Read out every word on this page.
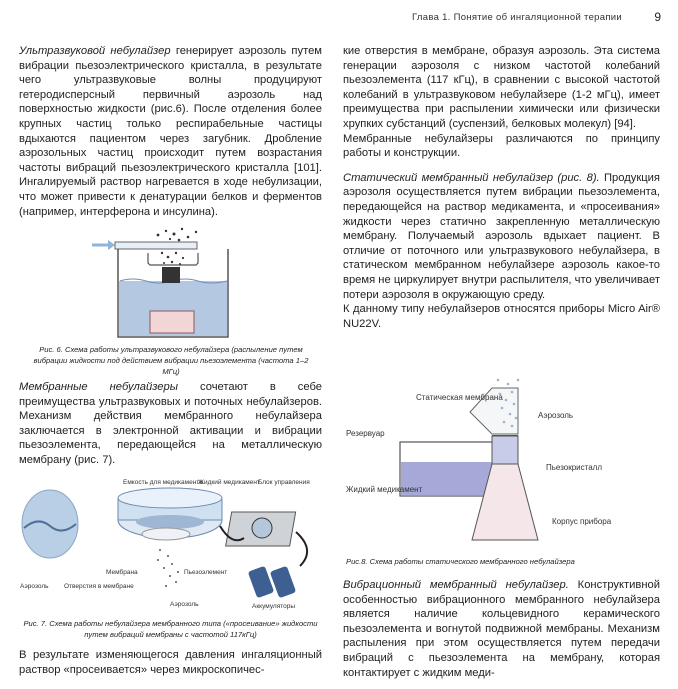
Глава 1. Понятие об ингаляционной терапии	9

Ультразвуковой небулайзер генерирует аэрозоль путем вибрации пьезоэлектрического кристалла, в результате чего ультразвуковые волны продуцируют гетеродисперсный первичный аэрозоль над поверхностью жидкости (рис.6). После отделения более крупных частиц только респирабельные частицы вдыхаются пациентом через загубник. Дробление аэрозольных частиц происходит путем возрастания частоты вибраций пьезоэлектрического кристалла [101]. Ингалируемый раствор нагревается в ходе небулизации, что может привести к денатурации белков и ферментов (например, интерферона и инсулина).

Рис. 6. Схема работы ультразвукового небулайзера (распыление путем вибрации жидкости под действием вибрации пьезоэлемента (частота 1–2 МГц)

Мембранные небулайзеры сочетают в себе преимущества ультразвуковых и поточных небулайзеров. Механизм действия мембранного небулайзера заключается в электронной активации и вибрации пьезоэлемента, передающейся на металлическую мембрану (рис. 7).

Емкость для медикамента
Жидкий медикамент
Блок управления
Аэрозоль Отверстия в мембране
Мембрана	Пьезоэлемент
Аэрозоль	Аккумуляторы
Рис. 7. Схема работы небулайзера мембранного типа («просеивание» жидкости путем вибраций мембраны с частотой 117кГц)

В результате изменяющегося давления ингаляционный раствор «просеивается» через микроскопичес-

кие отверстия в мембране, образуя аэрозоль. Эта система генерации аэрозоля с низком частотой колебаний пьезоэлемента (117 кГц), в сравнении с высокой частотой колебаний в ультразвуковом небулайзере (1-2 мГц), имеет преимущества при распылении химически или физически хрупких субстанций (суспензий, белковых молекул) [94].

Мембранные небулайзеры различаются по принципу работы и конструкции.

Статический мембранный небулайзер (рис. 8). Продукция аэрозоля осуществляется путем вибрации пьезоэлемента, передающейся на раствор медикамента, и «просеивания» жидкости через статично закрепленную металлическую мембрану. Получаемый аэрозоль вдыхает пациент. В отличие от поточного или ультразвукового небулайзера, в статическом мембранном небулайзере аэрозоль какое-то время не циркулирует внутри распылителя, что увеличивает потери аэрозоля в окружающую среду.

К данному типу небулайзеров относятся приборы Micro Air® NU22V.

Статическая мембрана
Аэрозоль
Резервуар
Пьезокристалл
Жидкий медикамент
Корпус прибора
Рис.8. Схема работы статического мембранного небулайзера

Вибрационный мембранный небулайзер. Конструктивной особенностью вибрационного мембранного небулайзера является наличие кольцевидного керамического пьезоэлемента и вогнутой подвижной мембраны. Механизм распыления при этом осуществляется путем передачи вибраций с пьезоэлемента на мембрану, которая контактирует с жидким меди-
